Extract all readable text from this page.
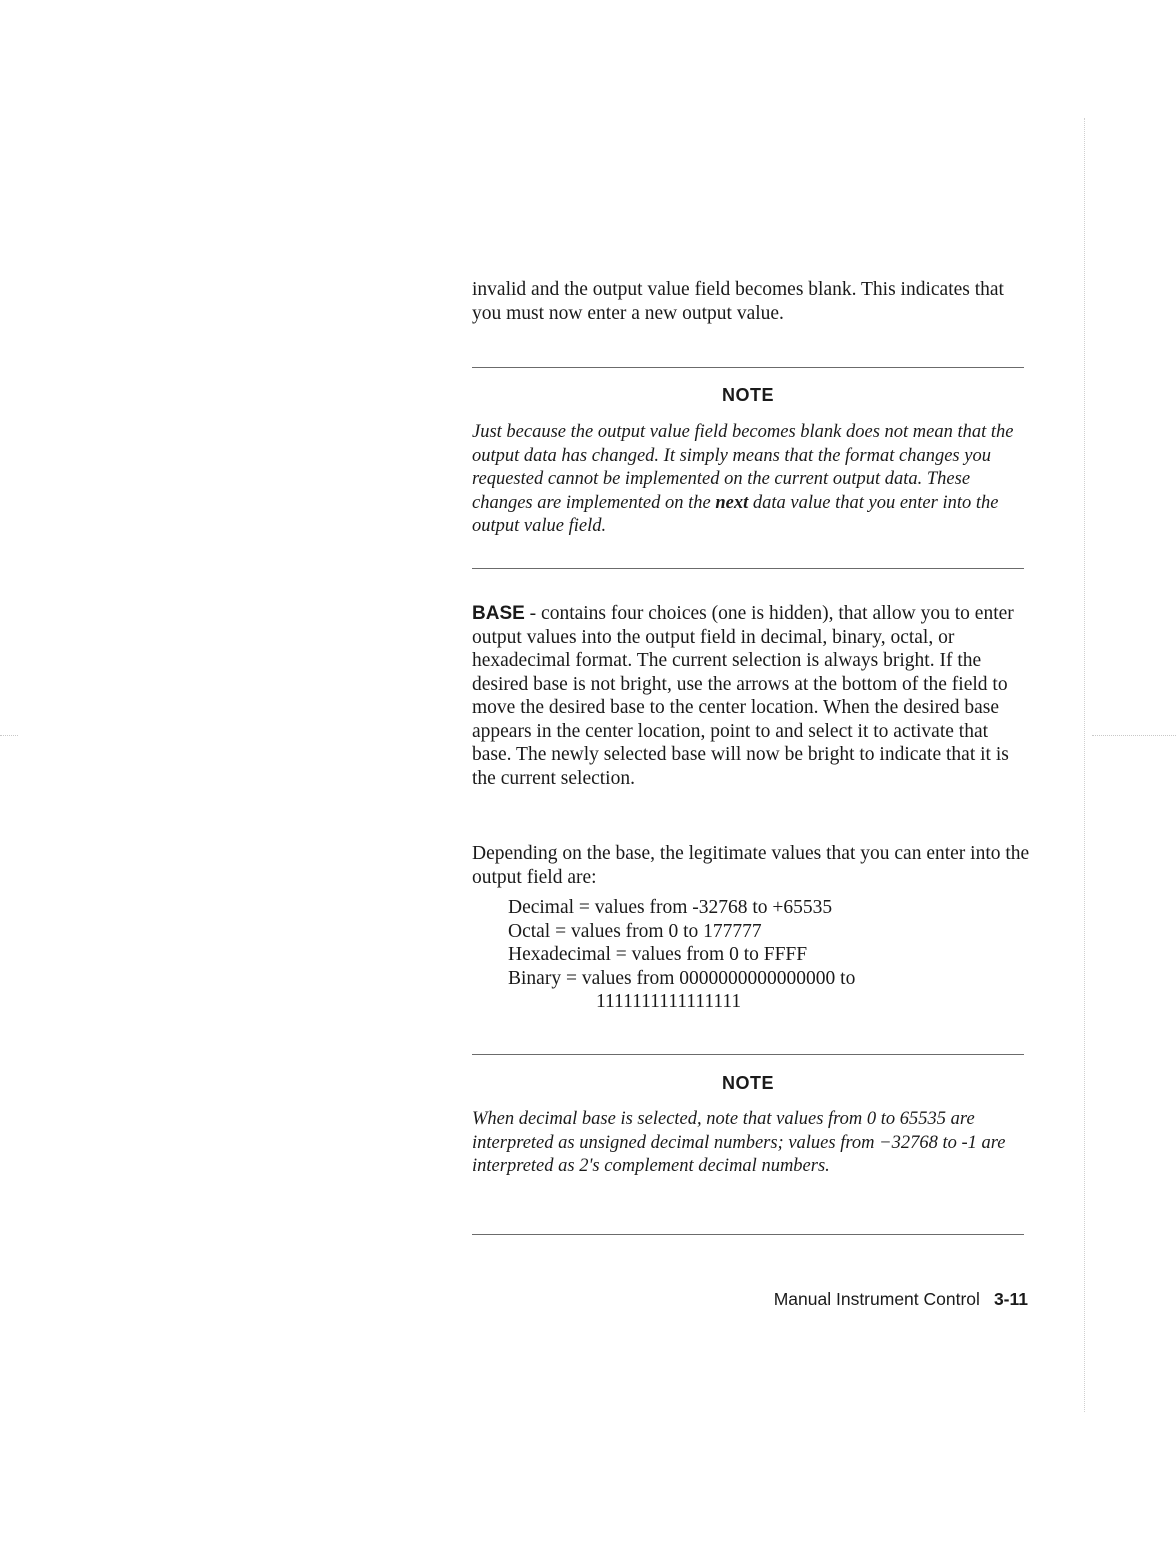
invalid and the output value field becomes blank. This indicates that you must now enter a new output value.

NOTE

Just because the output value field becomes blank does not mean that the output data has changed. It simply means that the format changes you requested cannot be implemented on the current output data. These changes are implemented on the next data value that you enter into the output value field.

BASE - contains four choices (one is hidden), that allow you to enter output values into the output field in decimal, binary, octal, or hexadecimal format. The current selection is always bright. If the desired base is not bright, use the arrows at the bottom of the field to move the desired base to the center location. When the desired base appears in the center location, point to and select it to activate that base. The newly selected base will now be bright to indicate that it is the current selection.

Depending on the base, the legitimate values that you can enter into the output field are:

Decimal = values from -32768 to +65535
Octal = values from 0 to 177777
Hexadecimal = values from 0 to FFFF
Binary = values from 0000000000000000 to
1111111111111111

NOTE

When decimal base is selected, note that values from 0 to 65535 are interpreted as unsigned decimal numbers; values from −32768 to -1 are interpreted as 2's complement decimal numbers.

Manual Instrument Control 3-11
